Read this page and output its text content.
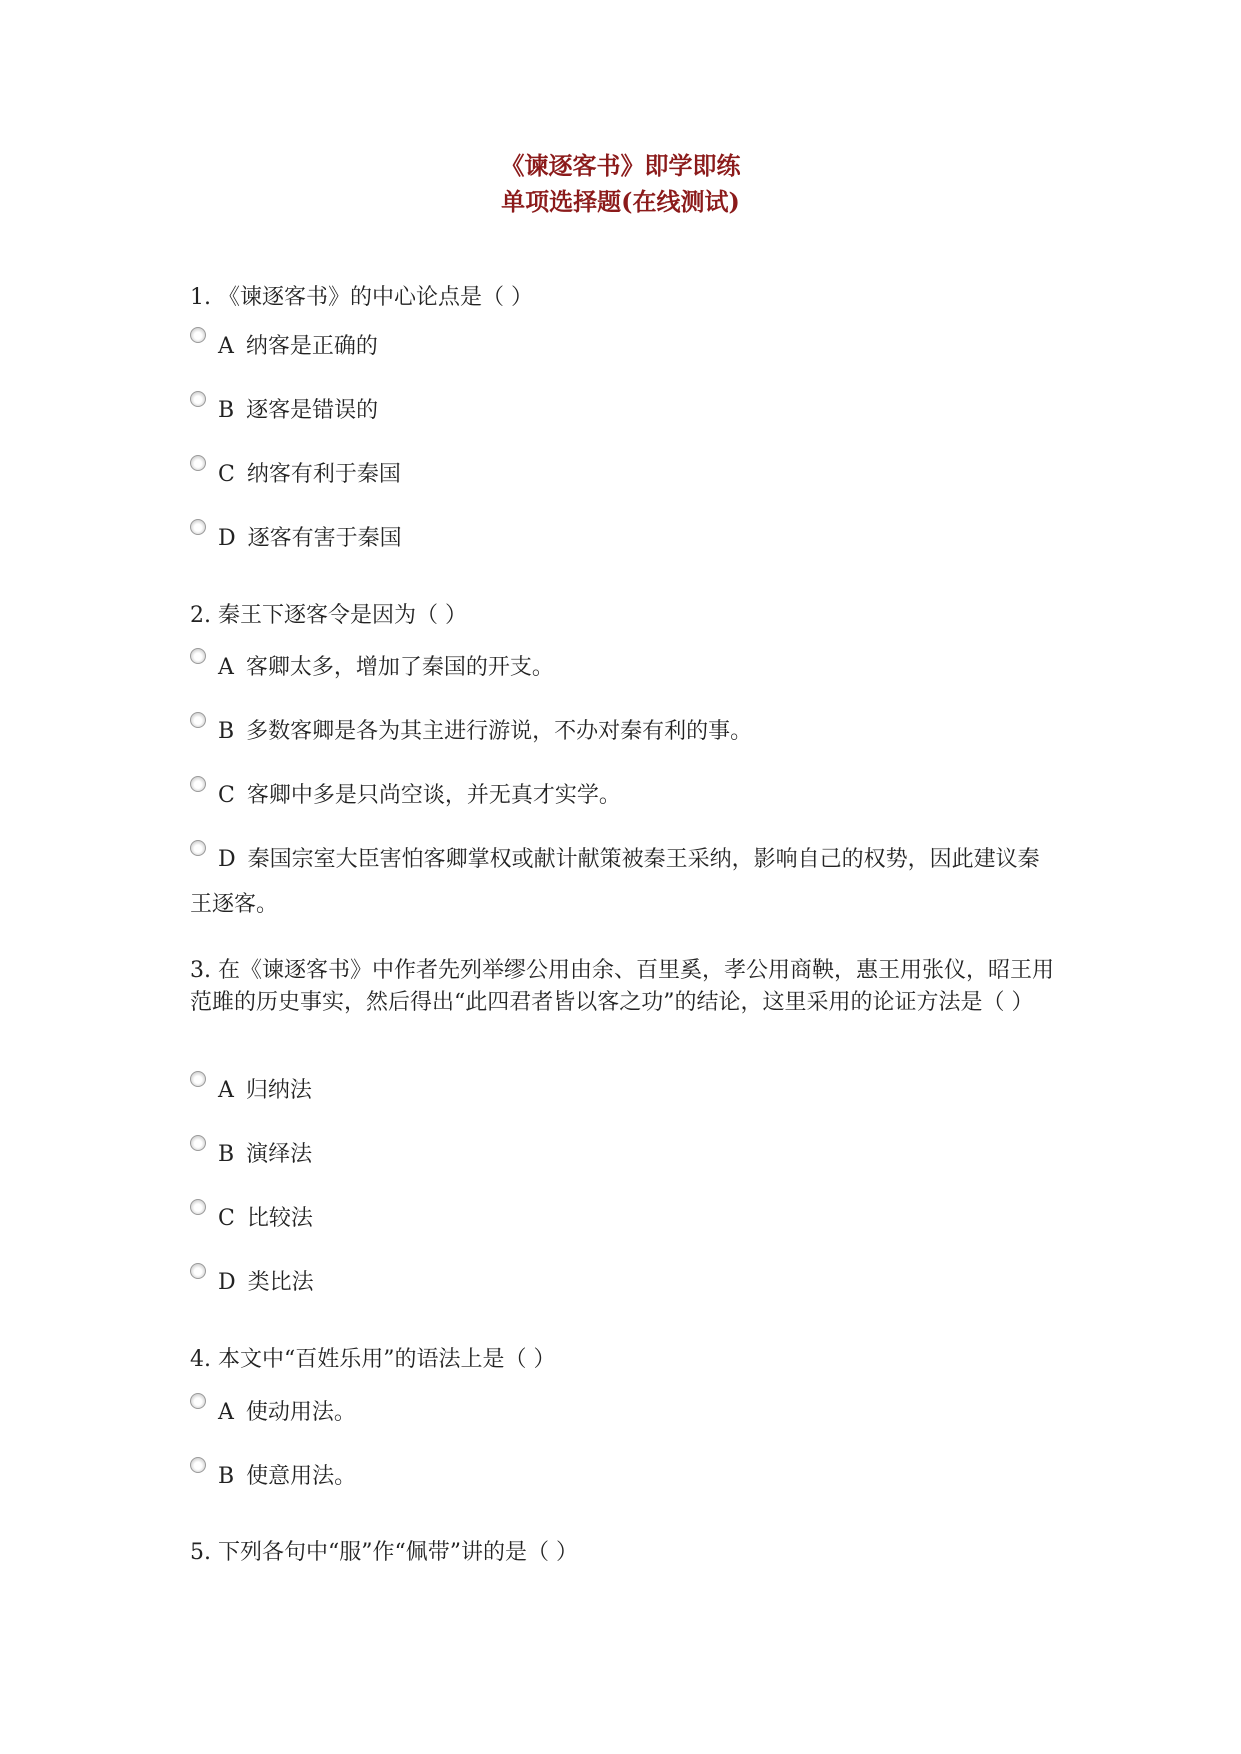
《谏逐客书》即学即练
单项选择题(在线测试)
1. 《谏逐客书》的中心论点是（ ）
A 纳客是正确的
B 逐客是错误的
C 纳客有利于秦国
D 逐客有害于秦国
2. 秦王下逐客令是因为（ ）
A 客卿太多，增加了秦国的开支。
B 多数客卿是各为其主进行游说，不办对秦有利的事。
C 客卿中多是只尚空谈，并无真才实学。
D 秦国宗室大臣害怕客卿掌权或献计献策被秦王采纳，影响自己的权势，因此建议秦王逐客。
3. 在《谏逐客书》中作者先列举缪公用由余、百里奚，孝公用商鞅，惠王用张仪，昭王用范雎的历史事实，然后得出“此四君者皆以客之功”的结论，这里采用的论证方法是（ ）
A 归纳法
B 演绎法
C 比较法
D 类比法
4. 本文中“百姓乐用”的语法上是（ ）
A 使动用法。
B 使意用法。
5. 下列各句中“服”作“佩带”讲的是（ ）
